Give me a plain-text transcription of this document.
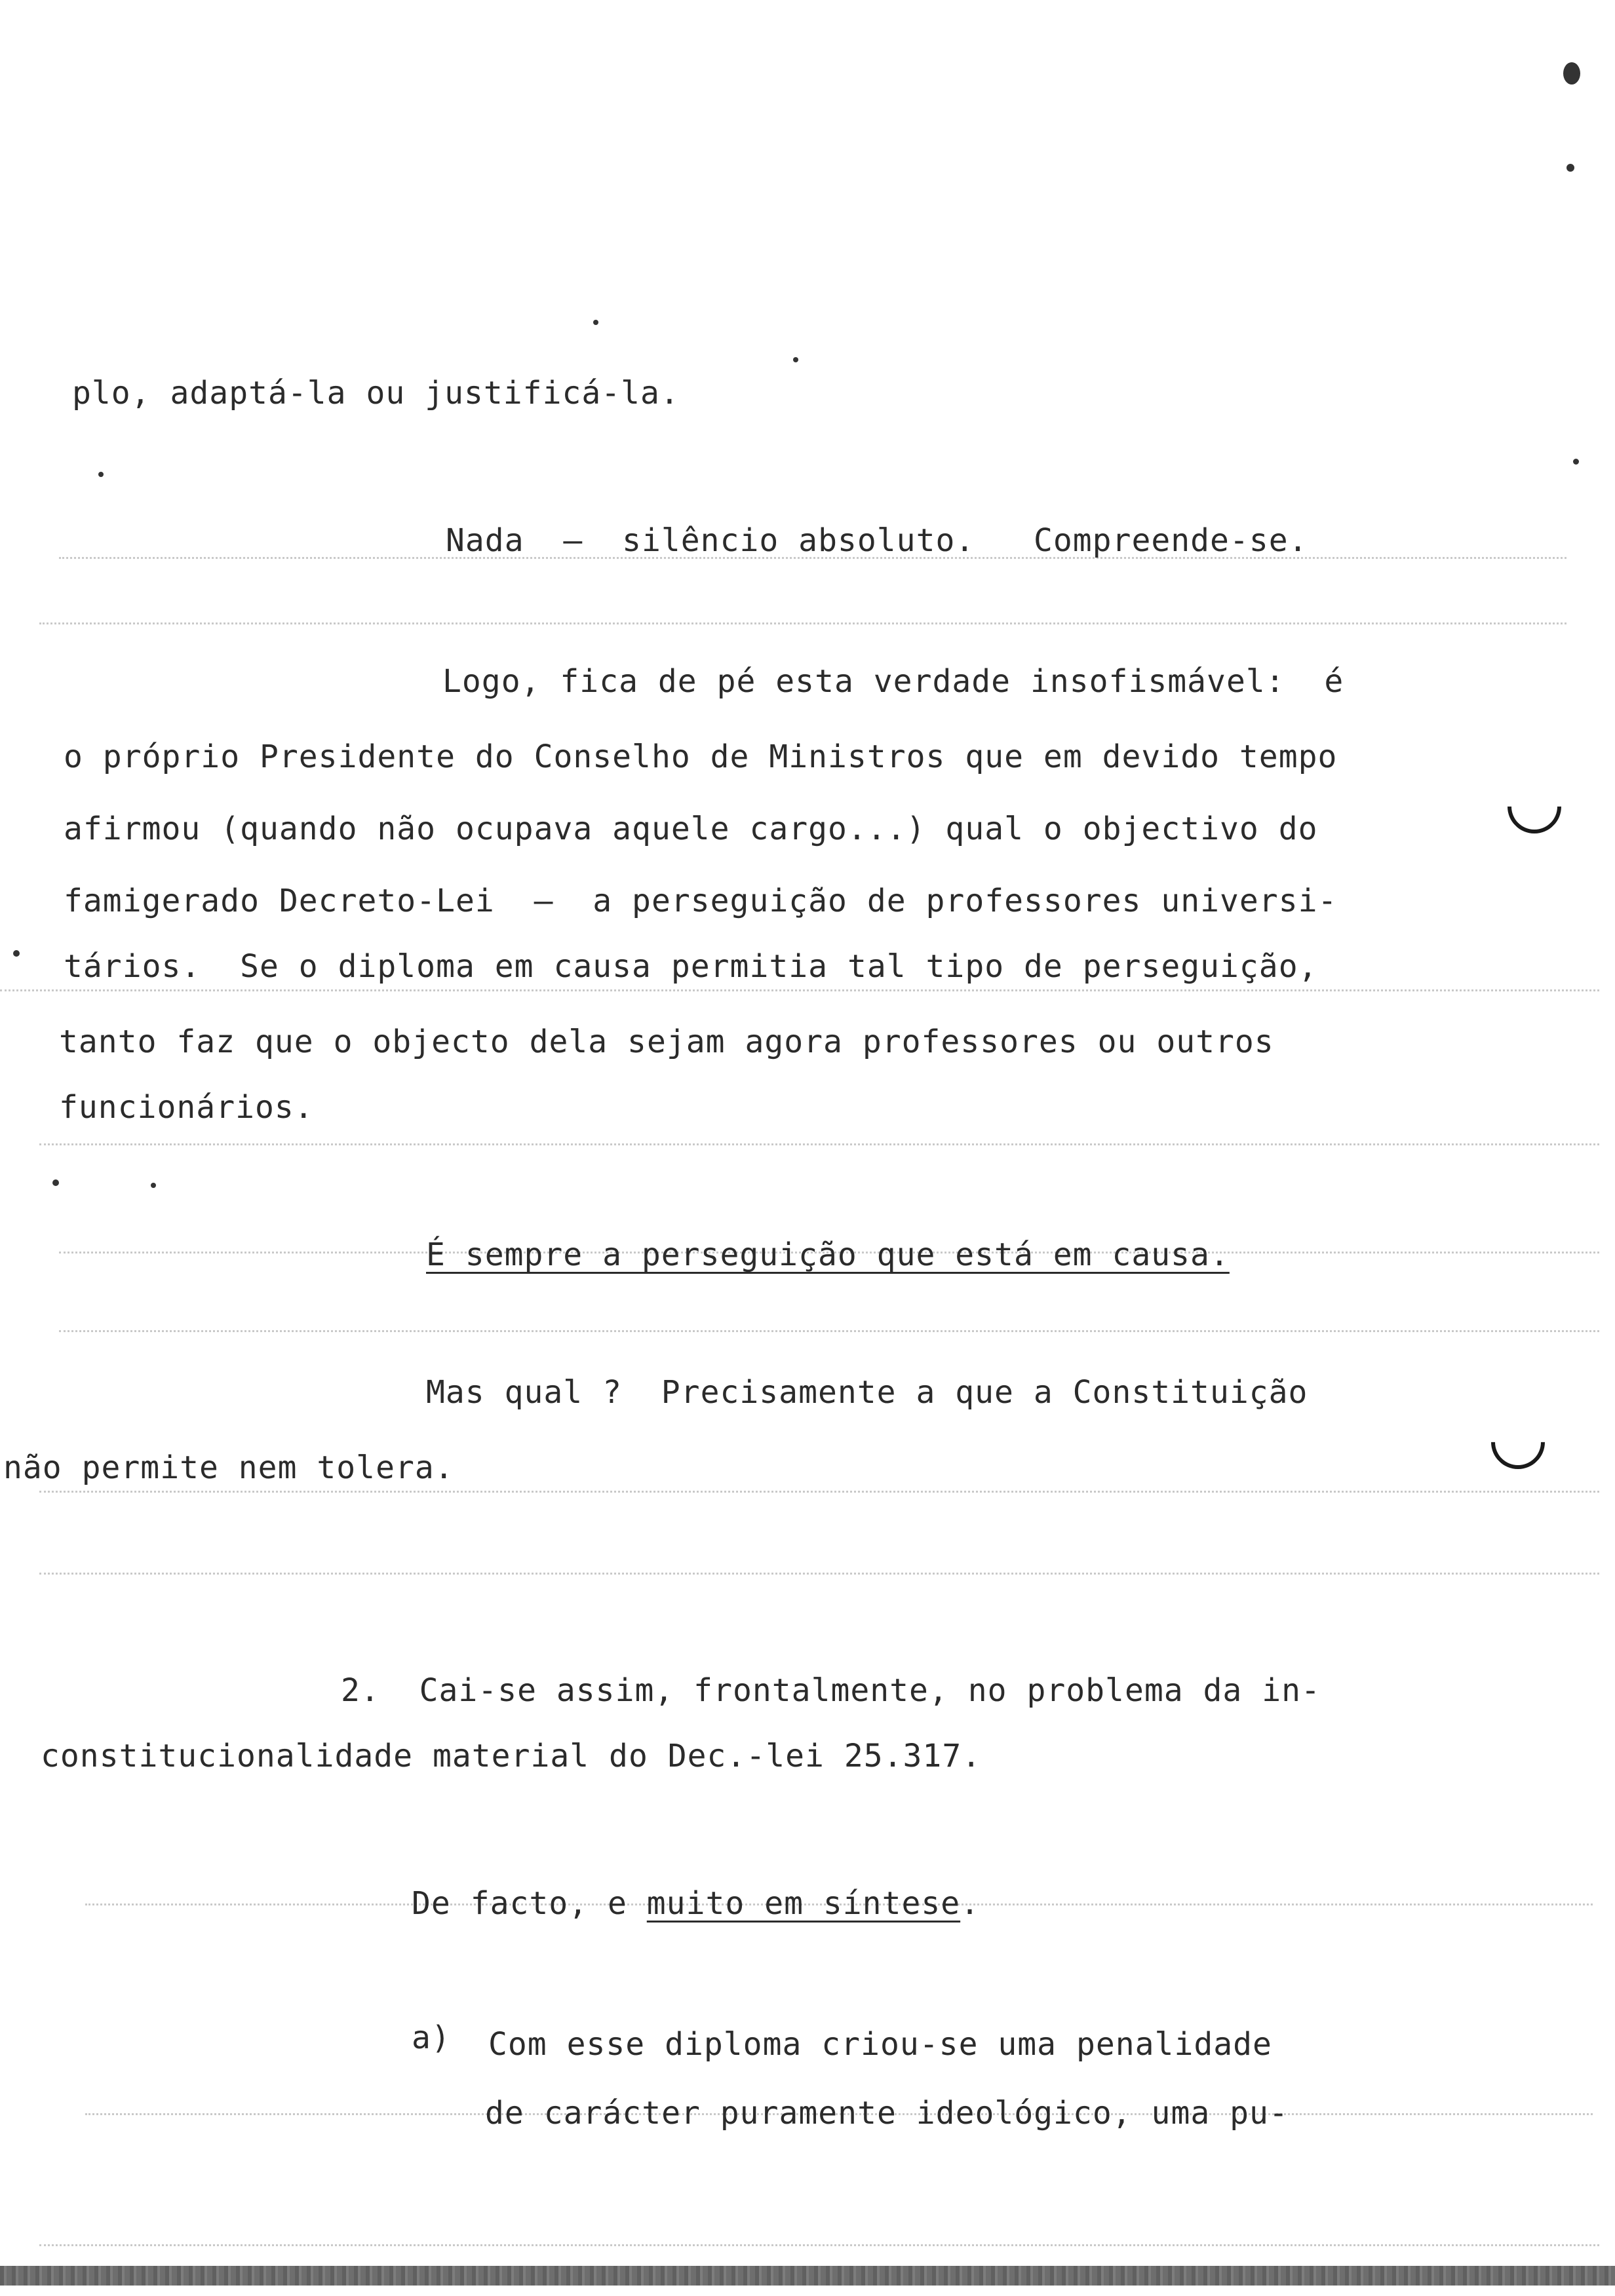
plo, adaptá-la ou justificá-la.
Nada  —  silêncio absoluto.   Compreende-se.
Logo, fica de pé esta verdade insofismável:  é
o próprio Presidente do Conselho de Ministros que em devido tempo
afirmou (quando não ocupava aquele cargo...) qual o objectivo do
famigerado Decreto-Lei  —  a perseguição de professores universi-
tários.  Se o diploma em causa permitia tal tipo de perseguição,
tanto faz que o objecto dela sejam agora professores ou outros
funcionários.
É sempre a perseguição que está em causa.
Mas qual ?  Precisamente a que a Constituição
não permite nem tolera.
2.  Cai-se assim, frontalmente, no problema da in-
constitucionalidade material do Dec.-lei 25.317.
De facto, e muito em síntese.
a) Com esse diploma criou-se uma penalidade
de carácter puramente ideológico, uma pu-
